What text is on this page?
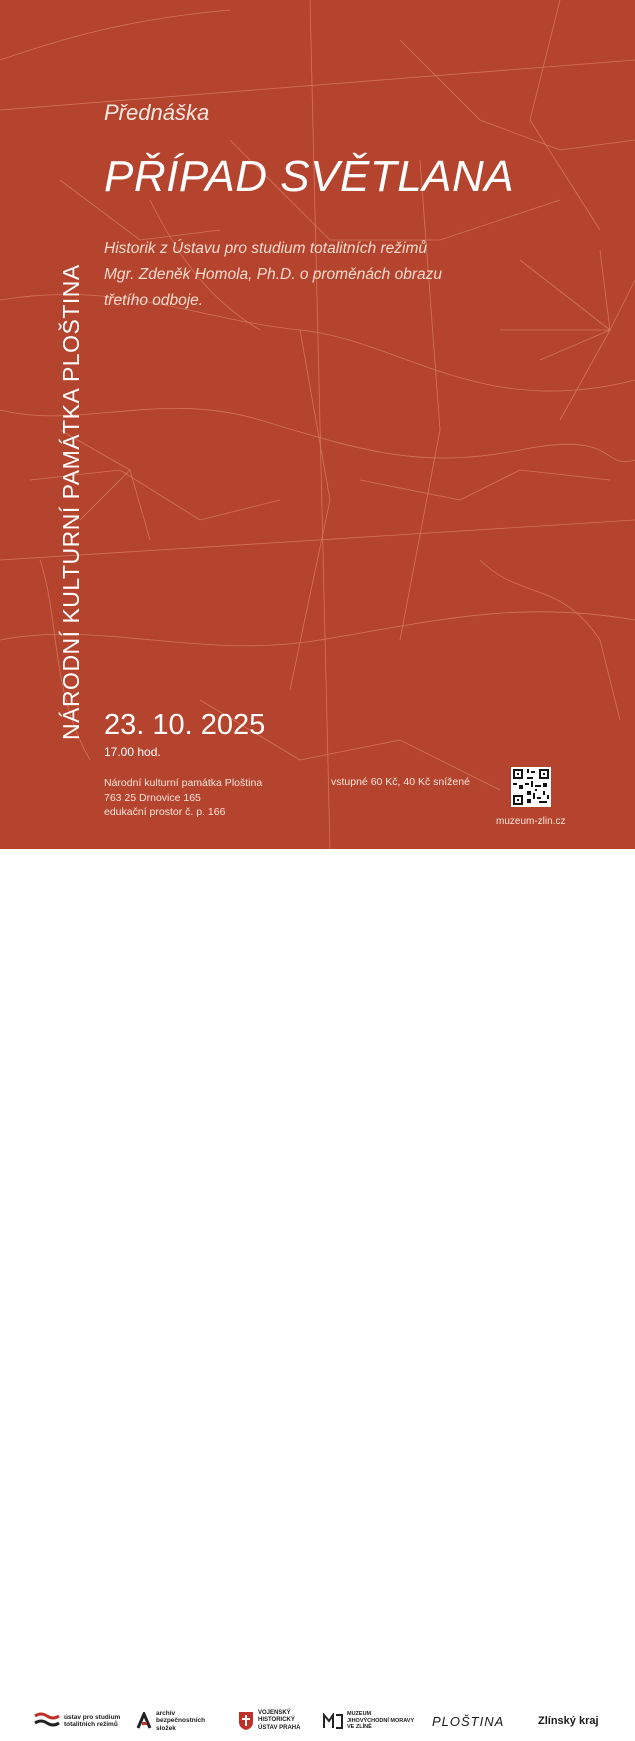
NÁRODNÍ KULTURNÍ PAMÁTKA PLOŠTINA
Přednáška
PŘÍPAD SVĚTLANA
Historik z Ústavu pro studium totalitních režimů
Mgr. Zdeněk Homola, Ph.D. o proměnách obrazu
třetího odboje.
23. 10. 2025
17.00 hod.
Národní kulturní památka Ploština
763 25 Drnovice 165
edukační prostor č. p. 166
vstupné 60 Kč, 40 Kč snížené
muzeum-zlin.cz
ústav pro studium
totalitních režimů
archiv
bezpečnostních
složek
VOJENSKÝ
HISTORICKÝ
ÚSTAV PRAHA
MUZEUM
JIHOVÝCHODNÍ MORAVY
VE ZLÍNĚ	PLOŠTINA	Zlínský kraj
